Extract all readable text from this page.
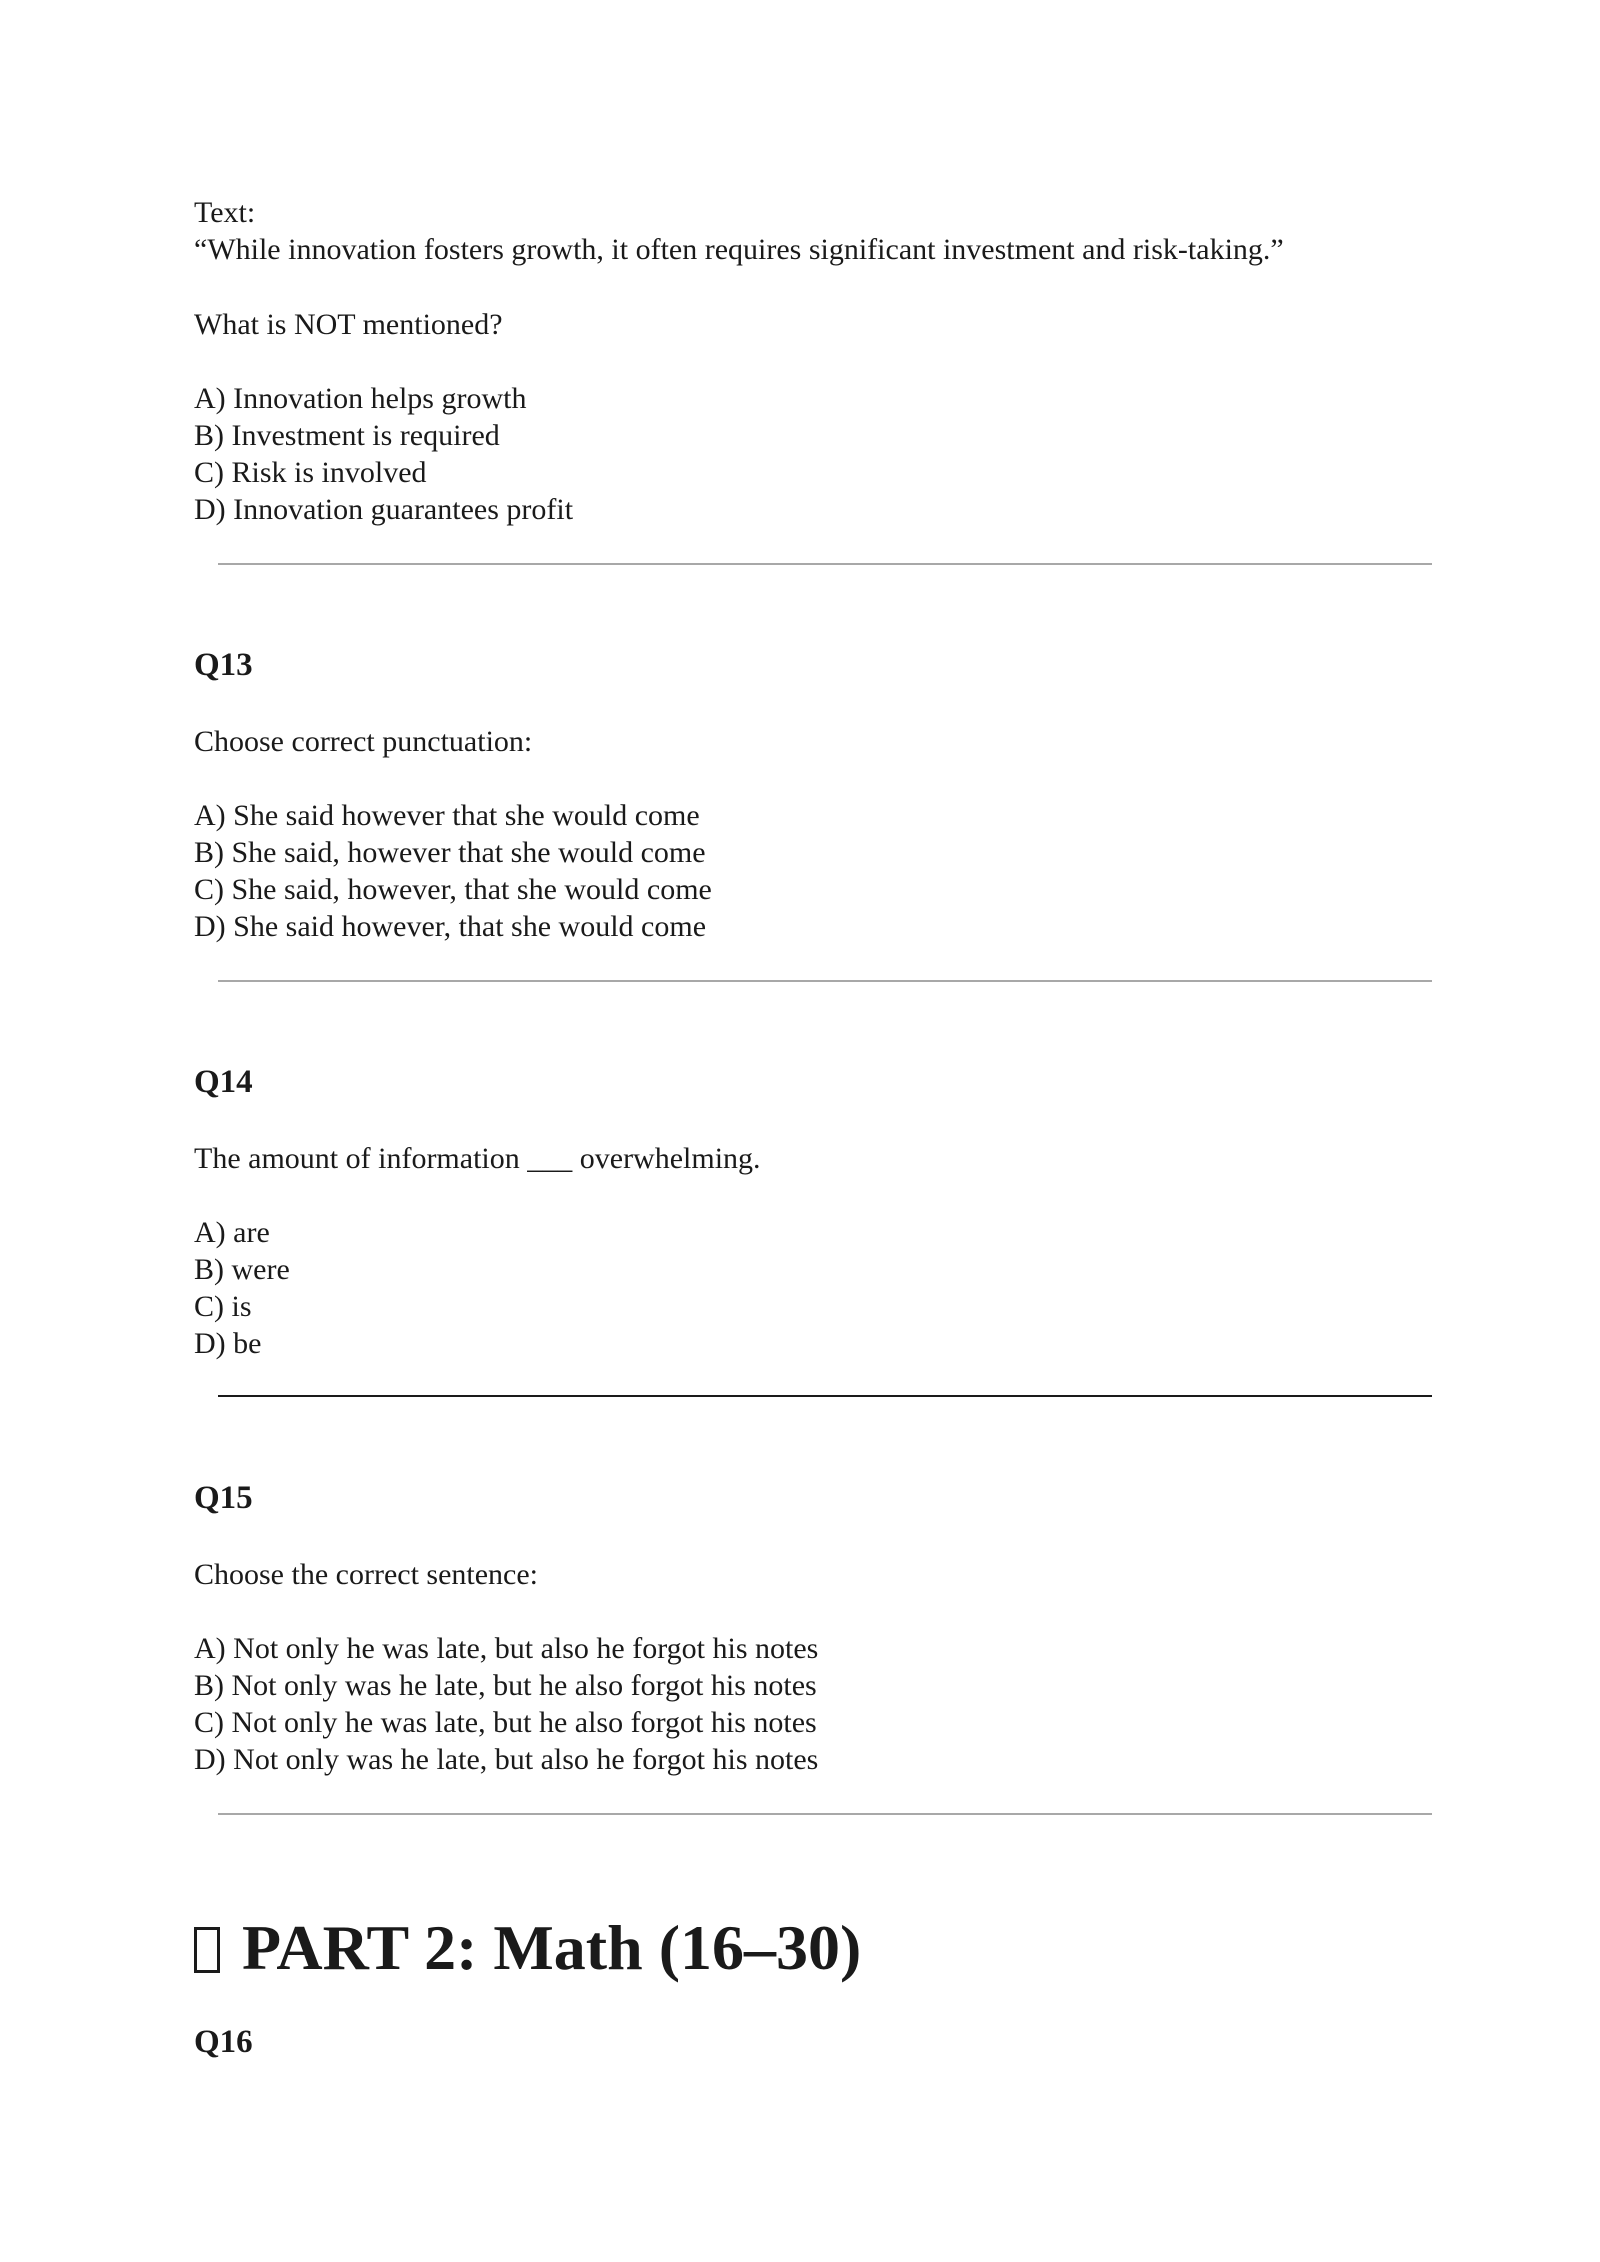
Text:
“While innovation fosters growth, it often requires significant investment and risk-taking.”
What is NOT mentioned?
A) Innovation helps growth
B) Investment is required
C) Risk is involved
D) Innovation guarantees profit
Q13
Choose correct punctuation:
A) She said however that she would come
B) She said, however that she would come
C) She said, however, that she would come
D) She said however, that she would come
Q14
The amount of information ___ overwhelming.
A) are
B) were
C) is
D) be
Q15
Choose the correct sentence:
A) Not only he was late, but also he forgot his notes
B) Not only was he late, but he also forgot his notes
C) Not only he was late, but he also forgot his notes
D) Not only was he late, but also he forgot his notes
PART 2: Math (16–30)
Q16
